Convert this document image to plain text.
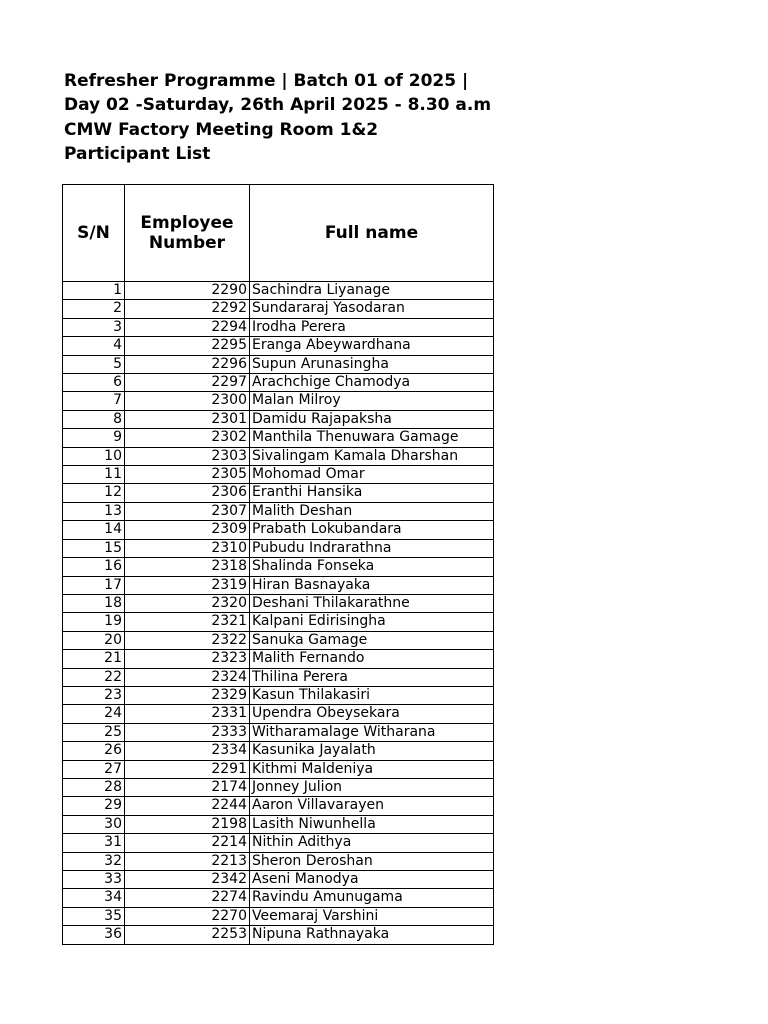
Refresher Programme | Batch 01 of 2025 |
Day 02 -Saturday, 26th April 2025 - 8.30 a.m
CMW Factory Meeting Room 1&2
Participant List
S/N	Employee Number	Full name
1	2290	Sachindra Liyanage
2	2292	Sundararaj Yasodaran
3	2294	Irodha Perera
4	2295	Eranga Abeywardhana
5	2296	Supun Arunasingha
6	2297	Arachchige Chamodya
7	2300	Malan Milroy
8	2301	Damidu Rajapaksha
9	2302	Manthila Thenuwara Gamage
10	2303	Sivalingam Kamala Dharshan
11	2305	Mohomad Omar
12	2306	Eranthi Hansika
13	2307	Malith Deshan
14	2309	Prabath Lokubandara
15	2310	Pubudu Indrarathna
16	2318	Shalinda Fonseka
17	2319	Hiran Basnayaka
18	2320	Deshani Thilakarathne
19	2321	Kalpani Edirisingha
20	2322	Sanuka Gamage
21	2323	Malith Fernando
22	2324	Thilina Perera
23	2329	Kasun Thilakasiri
24	2331	Upendra Obeysekara
25	2333	Witharamalage Witharana
26	2334	Kasunika Jayalath
27	2291	Kithmi Maldeniya
28	2174	Jonney Julion
29	2244	Aaron Villavarayen
30	2198	Lasith Niwunhella
31	2214	Nithin Adithya
32	2213	Sheron Deroshan
33	2342	Aseni Manodya
34	2274	Ravindu Amunugama
35	2270	Veemaraj Varshini
36	2253	Nipuna Rathnayaka
